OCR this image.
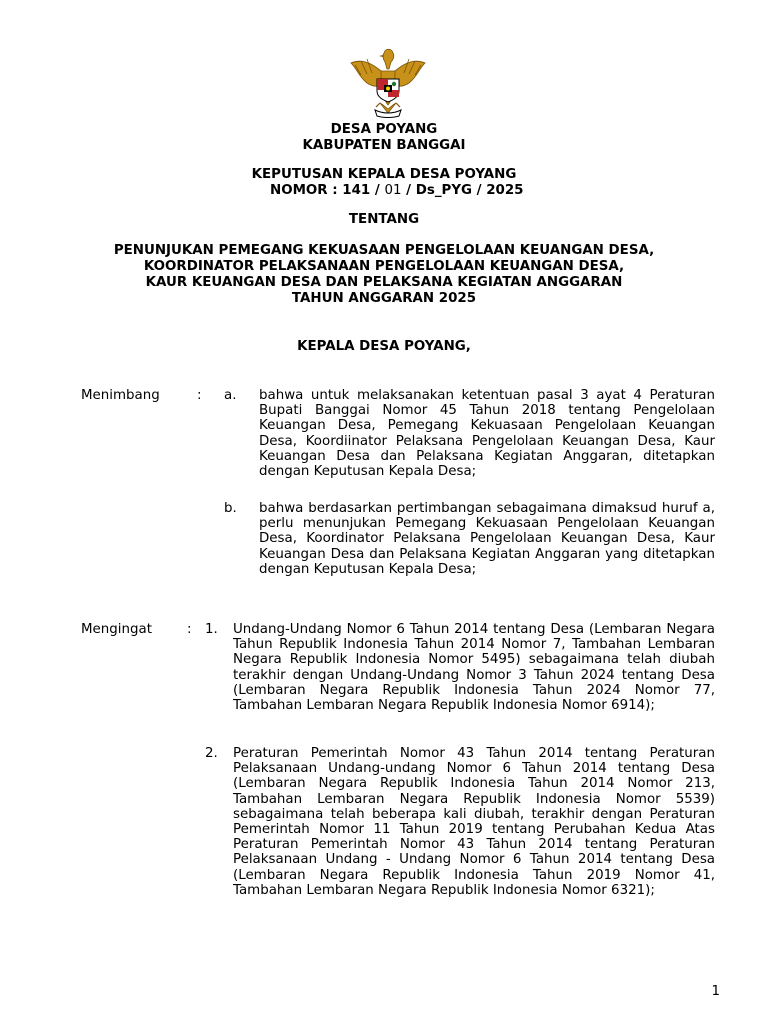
DESA POYANG
KABUPATEN BANGGAI
KEPUTUSAN KEPALA DESA POYANG
NOMOR : 141 / 01 / Ds_PYG / 2025
TENTANG
PENUNJUKAN PEMEGANG KEKUASAAN PENGELOLAAN KEUANGAN DESA,
KOORDINATOR PELAKSANAAN PENGELOLAAN KEUANGAN DESA,
KAUR KEUANGAN DESA DAN PELAKSANA KEGIATAN ANGGARAN
TAHUN ANGGARAN 2025
KEPALA DESA POYANG,
Menimbang	: a. bahwa untuk melaksanakan ketentuan pasal 3 ayat 4 Peraturan Bupati Banggai Nomor 45 Tahun 2018 tentang Pengelolaan Keuangan Desa, Pemegang Kekuasaan Pengelolaan Keuangan Desa, Koordiinator Pelaksana Pengelolaan Keuangan Desa, Kaur Keuangan Desa dan Pelaksana Kegiatan Anggaran, ditetapkan dengan Keputusan Kepala Desa;

b. bahwa berdasarkan pertimbangan sebagaimana dimaksud huruf a, perlu menunjukan Pemegang Kekuasaan Pengelolaan Keuangan Desa, Koordinator Pelaksana Pengelolaan Keuangan Desa, Kaur Keuangan Desa dan Pelaksana Kegiatan Anggaran yang ditetapkan dengan Keputusan Kepala Desa;

Mengingat	: 1. Undang-Undang Nomor 6 Tahun 2014 tentang Desa (Lembaran Negara Tahun Republik Indonesia Tahun 2014 Nomor 7, Tambahan Lembaran Negara Republik Indonesia Nomor 5495) sebagaimana telah diubah terakhir dengan Undang-Undang Nomor 3 Tahun 2024 tentang Desa (Lembaran Negara Republik Indonesia Tahun 2024 Nomor 77, Tambahan Lembaran Negara Republik Indonesia Nomor 6914);

2. Peraturan Pemerintah Nomor 43 Tahun 2014 tentang Peraturan Pelaksanaan Undang-undang Nomor 6 Tahun 2014 tentang Desa (Lembaran Negara Republik Indonesia Tahun 2014 Nomor 213, Tambahan Lembaran Negara Republik Indonesia Nomor 5539) sebagaimana telah beberapa kali diubah, terakhir dengan Peraturan Pemerintah Nomor 11 Tahun 2019 tentang Perubahan Kedua Atas Peraturan Pemerintah Nomor 43 Tahun 2014 tentang Peraturan Pelaksanaan Undang - Undang Nomor 6 Tahun 2014 tentang Desa (Lembaran Negara Republik Indonesia Tahun 2019 Nomor 41, Tambahan Lembaran Negara Republik Indonesia Nomor 6321);

1
